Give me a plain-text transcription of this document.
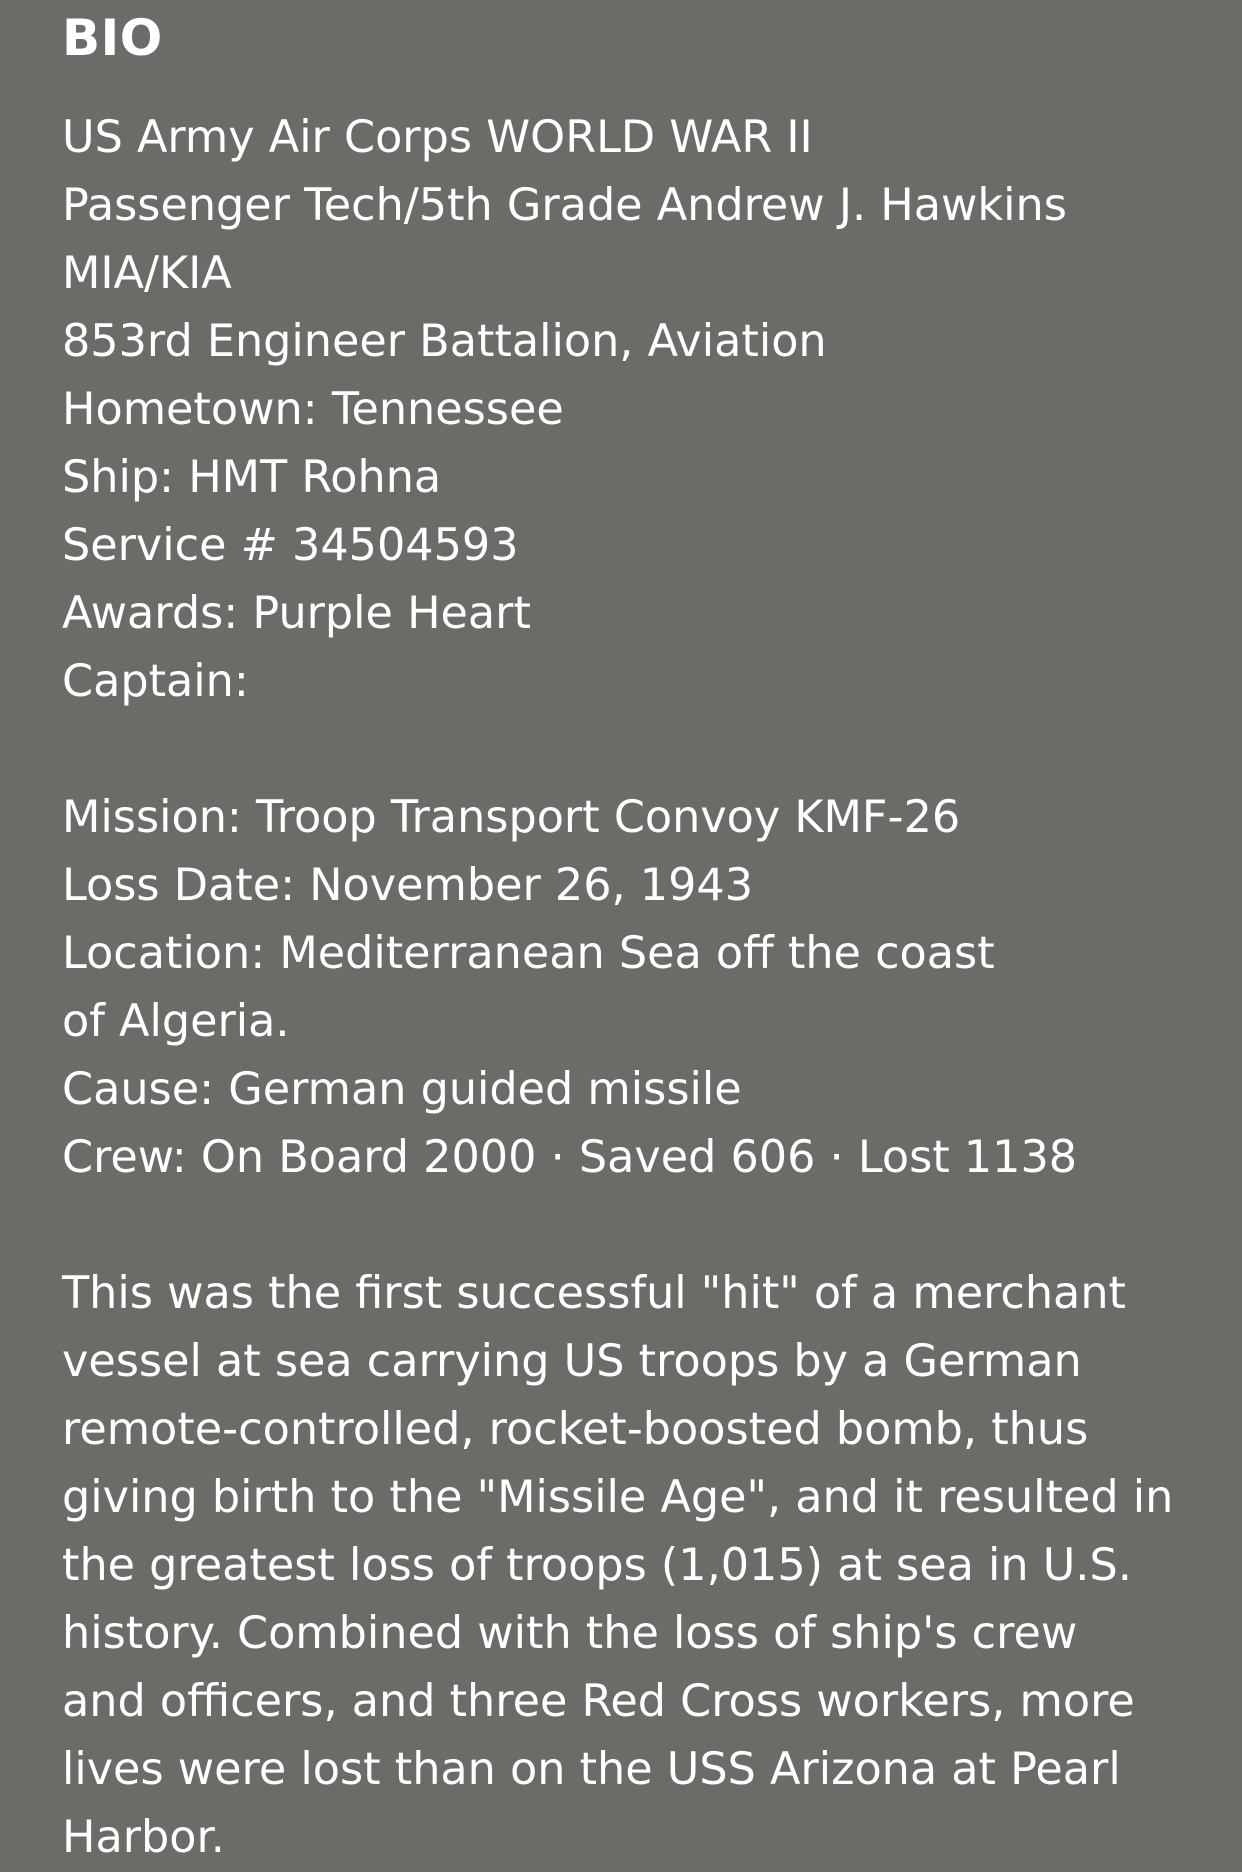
BIO
US Army Air Corps WORLD WAR II
Passenger Tech/5th Grade Andrew J. Hawkins
MIA/KIA
853rd Engineer Battalion, Aviation
Hometown: Tennessee
Ship: HMT Rohna
Service # 34504593
Awards: Purple Heart
Captain:
Mission: Troop Transport Convoy KMF-26
Loss Date: November 26, 1943
Location: Mediterranean Sea off the coast
of Algeria.
Cause: German guided missile
Crew: On Board 2000 · Saved 606 · Lost 1138
This was the first successful "hit" of a merchant
vessel at sea carrying US troops by a German
remote-controlled, rocket-boosted bomb, thus
giving birth to the "Missile Age", and it resulted in
the greatest loss of troops (1,015) at sea in U.S.
history. Combined with the loss of ship's crew
and officers, and three Red Cross workers, more
lives were lost than on the USS Arizona at Pearl
Harbor.
